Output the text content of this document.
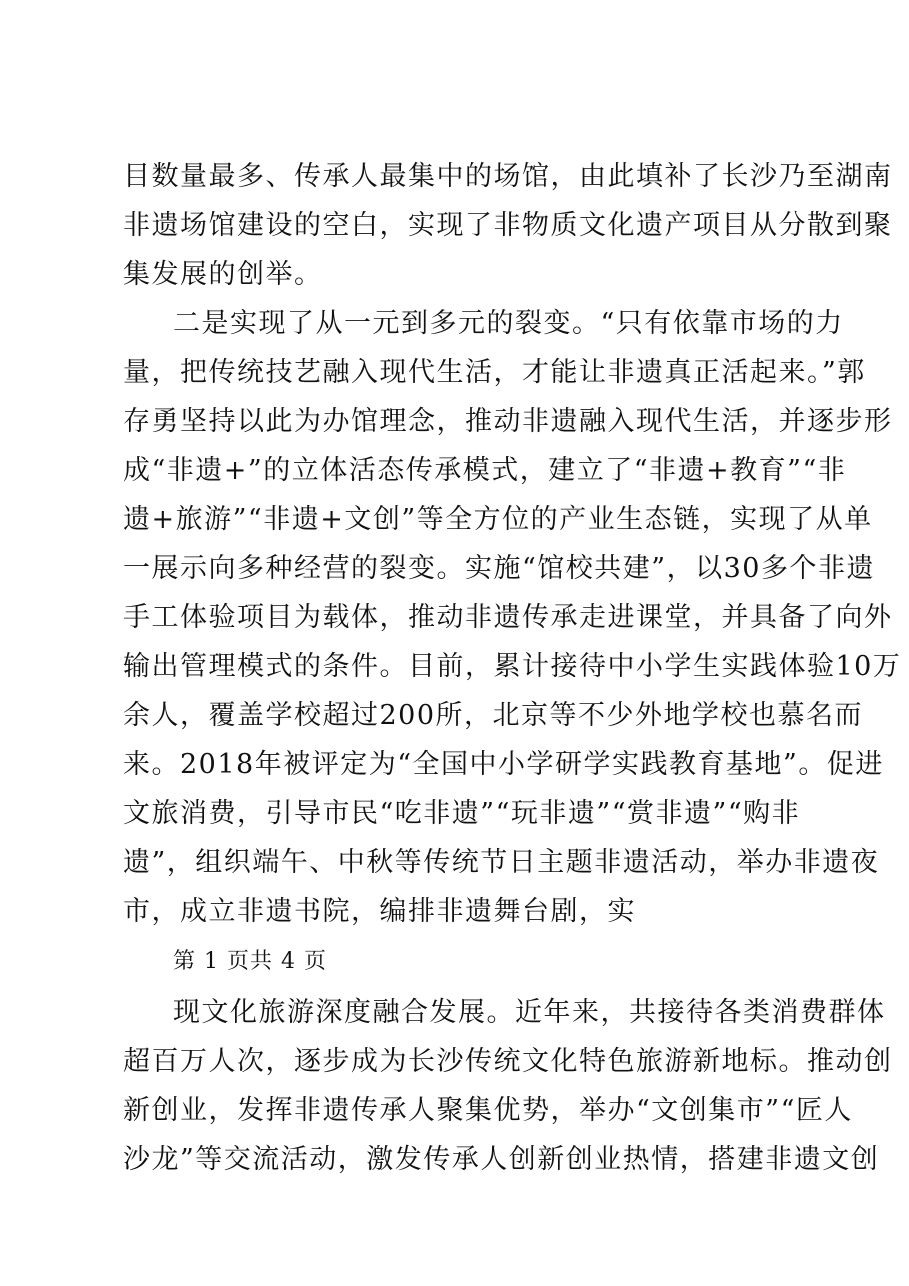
目数量最多、传承人最集中的场馆，由此填补了长沙乃至湖南
非遗场馆建设的空白，实现了非物质文化遗产项目从分散到聚
集发展的创举。
二是实现了从一元到多元的裂变。“只有依靠市场的力
量，把传统技艺融入现代生活，才能让非遗真正活起来。”郭
存勇坚持以此为办馆理念，推动非遗融入现代生活，并逐步形
成“非遗+”的立体活态传承模式，建立了“非遗+教育”“非
遗+旅游”“非遗+文创”等全方位的产业生态链，实现了从单
一展示向多种经营的裂变。实施“馆校共建”，以30多个非遗
手工体验项目为载体，推动非遗传承走进课堂，并具备了向外
输出管理模式的条件。目前，累计接待中小学生实践体验10万
余人，覆盖学校超过200所，北京等不少外地学校也慕名而
来。2018年被评定为“全国中小学研学实践教育基地”。促进
文旅消费，引导市民“吃非遗”“玩非遗”“赏非遗”“购非
遗”，组织端午、中秋等传统节日主题非遗活动，举办非遗夜
市，成立非遗书院，编排非遗舞台剧，实
第 1 页共 4 页
现文化旅游深度融合发展。近年来，共接待各类消费群体
超百万人次，逐步成为长沙传统文化特色旅游新地标。推动创
新创业，发挥非遗传承人聚集优势，举办“文创集市”“匠人
沙龙”等交流活动，激发传承人创新创业热情，搭建非遗文创
